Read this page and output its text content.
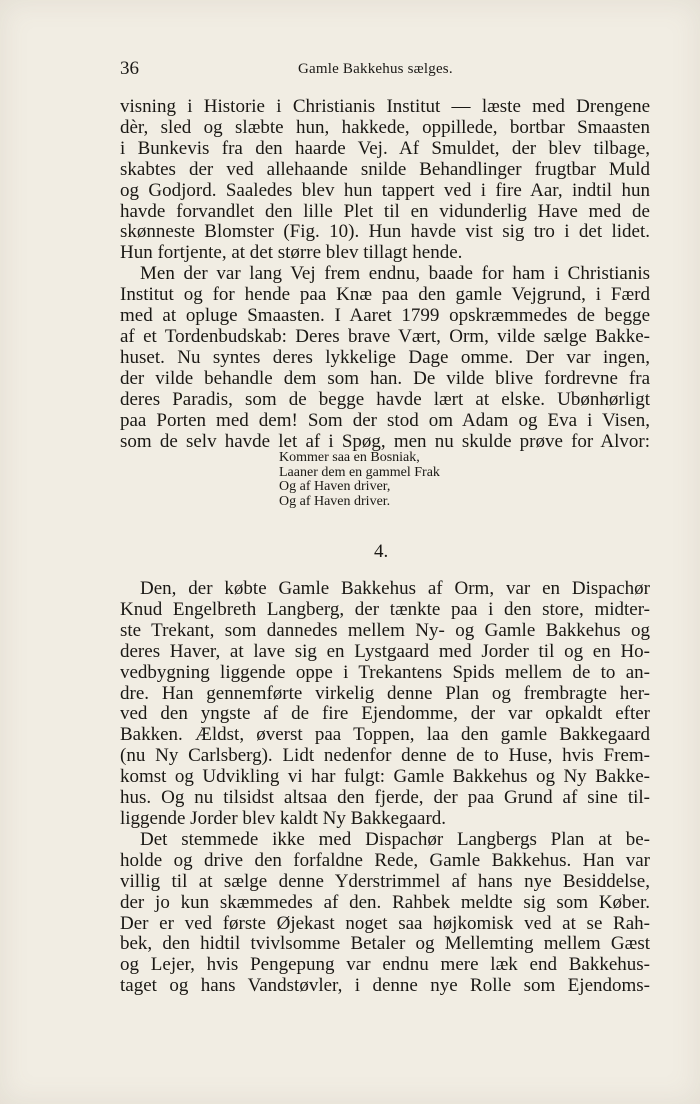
36	Gamle Bakkehus sælges.
visning i Historie i Christianis Institut — læste med Drengene
dèr, sled og slæbte hun, hakkede, oppillede, bortbar Smaasten
i Bunkevis fra den haarde Vej. Af Smuldet, der blev tilbage,
skabtes der ved allehaande snilde Behandlinger frugtbar Muld
og Godjord. Saaledes blev hun tappert ved i fire Aar, indtil hun
havde forvandlet den lille Plet til en vidunderlig Have med de
skønneste Blomster (Fig. 10). Hun havde vist sig tro i det lidet.
Hun fortjente, at det større blev tillagt hende.
Men der var lang Vej frem endnu, baade for ham i Christianis
Institut og for hende paa Knæ paa den gamle Vejgrund, i Færd
med at opluge Smaasten. I Aaret 1799 opskræmmedes de begge
af et Tordenbudskab: Deres brave Vært, Orm, vilde sælge Bakke-
huset. Nu syntes deres lykkelige Dage omme. Der var ingen,
der vilde behandle dem som han. De vilde blive fordrevne fra
deres Paradis, som de begge havde lært at elske. Ubønhørligt
paa Porten med dem! Som der stod om Adam og Eva i Visen,
som de selv havde let af i Spøg, men nu skulde prøve for Alvor:
Kommer saa en Bosniak,
Laaner dem en gammel Frak
Og af Haven driver,
Og af Haven driver.
4.
Den, der købte Gamle Bakkehus af Orm, var en Dispachør
Knud Engelbreth Langberg, der tænkte paa i den store, midter-
ste Trekant, som dannedes mellem Ny- og Gamle Bakkehus og
deres Haver, at lave sig en Lystgaard med Jorder til og en Ho-
vedbygning liggende oppe i Trekantens Spids mellem de to an-
dre. Han gennemførte virkelig denne Plan og frembragte her-
ved den yngste af de fire Ejendomme, der var opkaldt efter
Bakken. Ældst, øverst paa Toppen, laa den gamle Bakkegaard
(nu Ny Carlsberg). Lidt nedenfor denne de to Huse, hvis Frem-
komst og Udvikling vi har fulgt: Gamle Bakkehus og Ny Bakke-
hus. Og nu tilsidst altsaa den fjerde, der paa Grund af sine til-
liggende Jorder blev kaldt Ny Bakkegaard.
Det stemmede ikke med Dispachør Langbergs Plan at be-
holde og drive den forfaldne Rede, Gamle Bakkehus. Han var
villig til at sælge denne Yderstrimmel af hans nye Besiddelse,
der jo kun skæmmedes af den. Rahbek meldte sig som Køber.
Der er ved første Øjekast noget saa højkomisk ved at se Rah-
bek, den hidtil tvivlsomme Betaler og Mellemting mellem Gæst
og Lejer, hvis Pengepung var endnu mere læk end Bakkehus-
taget og hans Vandstøvler, i denne nye Rolle som Ejendoms-
